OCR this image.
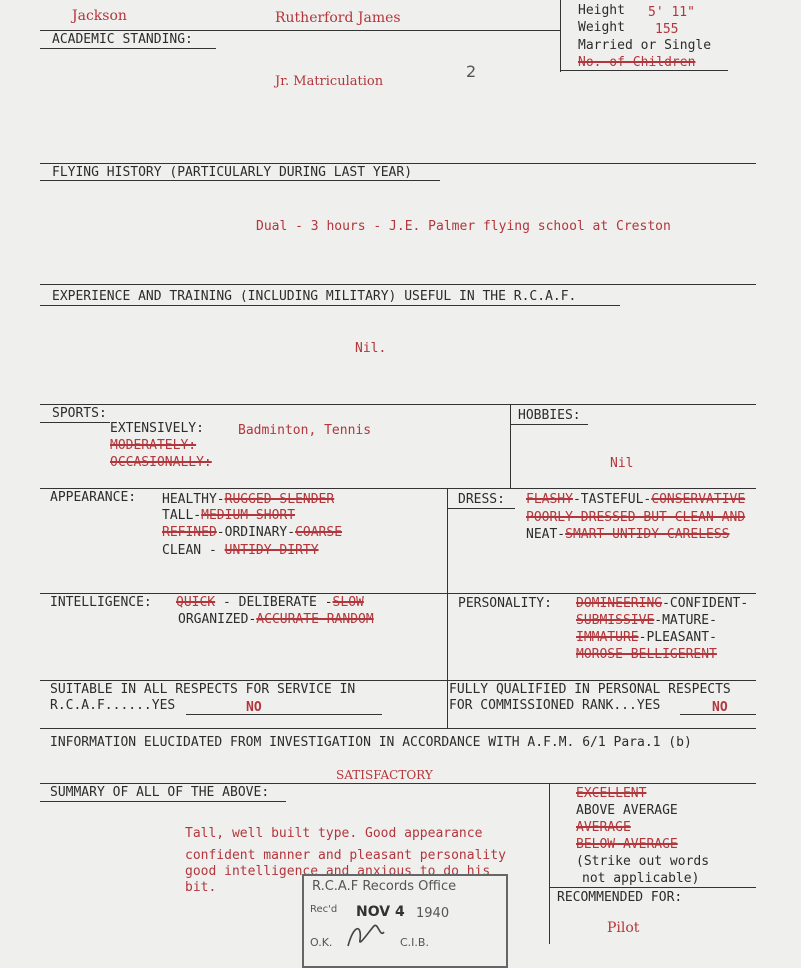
Jackson	Rutherford James	Height 5' 11"
Weight 155
Married or Single
No. of Children
ACADEMIC STANDING:
Jr. Matriculation
2
FLYING HISTORY (PARTICULARLY DURING LAST YEAR)
Dual - 3 hours - J.E. Palmer flying school at Creston
EXPERIENCE AND TRAINING (INCLUDING MILITARY) USEFUL IN THE R.C.A.F.
Nil.
SPORTS:
EXTENSIVELY:	Badminton, Tennis
MODERATELY:
OCCASIONALLY:
HOBBIES:
Nil
APPEARANCE: HEALTHY-RUGGED-SLENDER
TALL-MEDIUM-SHORT
REFINED-ORDINARY-COARSE
CLEAN - UNTIDY-DIRTY
DRESS: FLASHY-TASTEFUL-CONSERVATIVE
POORLY DRESSED BUT CLEAN AND
NEAT-SMART-UNTIDY-CARELESS
INTELLIGENCE: QUICK - DELIBERATE -SLOW
ORGANIZED-ACCURATE-RANDOM
PERSONALITY: DOMINEERING-CONFIDENT-
SUBMISSIVE-MATURE-
IMMATURE-PLEASANT-
MOROSE-BELLIGERENT
SUITABLE IN ALL RESPECTS FOR SERVICE IN
R.C.A.F......YES	NO
FULLY QUALIFIED IN PERSONAL RESPECTS
FOR COMMISSIONED RANK...YES	NO
INFORMATION ELUCIDATED FROM INVESTIGATION IN ACCORDANCE WITH A.F.M. 6/1 Para.1 (b)
SATISFACTORY
SUMMARY OF ALL OF THE ABOVE:
Tall, well built type. Good appearance
confident manner and pleasant personality
good intelligence and anxious to do his
bit.
EXCELLENT
ABOVE AVERAGE
AVERAGE
BELOW AVERAGE
(Strike out words
not applicable)
RECOMMENDED FOR:
Pilot
R.C.A.F Records Office
Rec'd NOV 4 1940
O.K.	C.I.B.
